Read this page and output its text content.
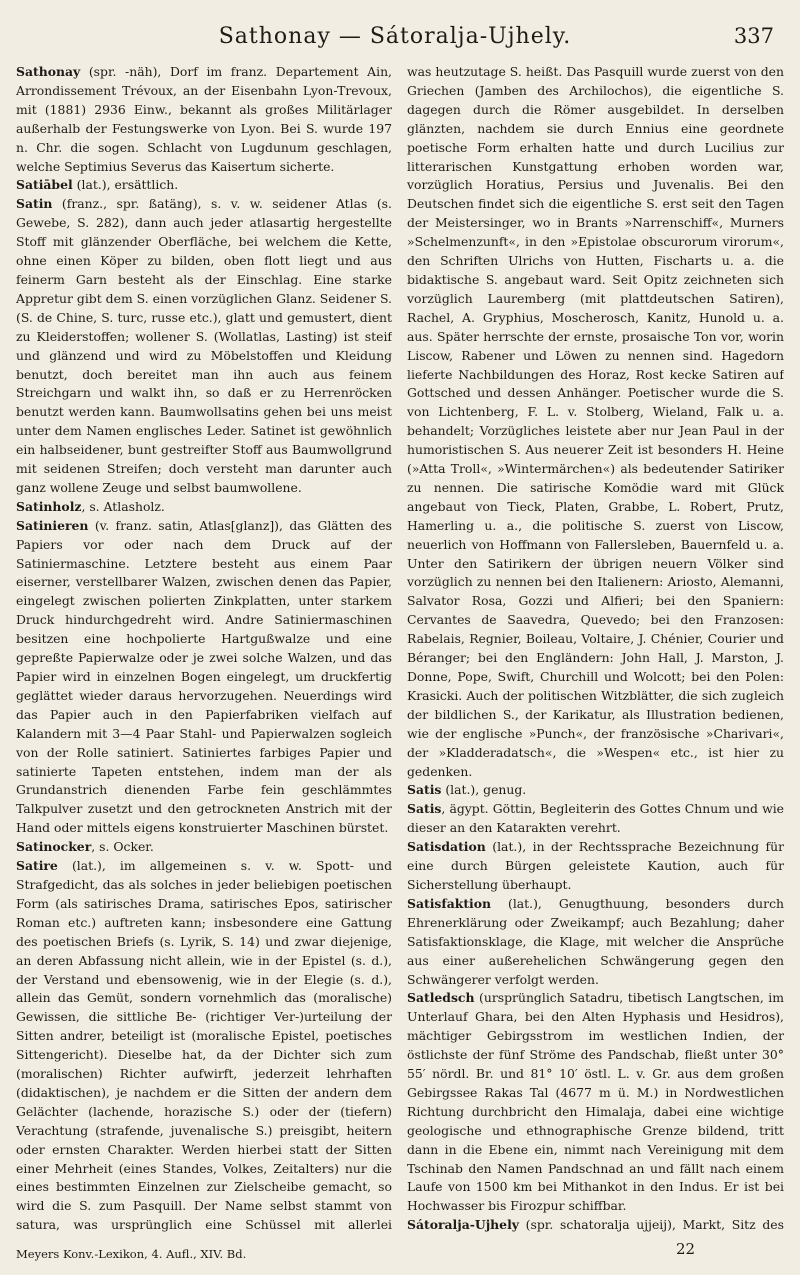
Sathonay — Sátoralja-Ujhely.	337

Sathonay (spr. -näh), Dorf im franz. Departement Ain, Arrondissement Trévoux, an der Eisenbahn Lyon-Trevoux, mit (1881) 2936 Einw., bekannt als großes Militärlager außerhalb der Festungswerke von Lyon. Bei S. wurde 197 n. Chr. die sogen. Schlacht von Lugdunum geschlagen, welche Septimius Severus das Kaisertum sicherte.

Satiābel (lat.), ersättlich.

Satin (franz., spr. ßatäng), s. v. w. seidener Atlas (s. Gewebe, S. 282), dann auch jeder atlasartig hergestellte Stoff mit glänzender Oberfläche, bei welchem die Kette, ohne einen Köper zu bilden, oben flott liegt und aus feinerm Garn besteht als der Einschlag. Eine starke Appretur gibt dem S. einen vorzüglichen Glanz. Seidener S. (S. de Chine, S. turc, russe etc.), glatt und gemustert, dient zu Kleiderstoffen; wollener S. (Wollatlas, Lasting) ist steif und glänzend und wird zu Möbelstoffen und Kleidung benutzt, doch bereitet man ihn auch aus feinem Streichgarn und walkt ihn, so daß er zu Herrenröcken benutzt werden kann. Baumwollsatins gehen bei uns meist unter dem Namen englisches Leder. Satinet ist gewöhnlich ein halbseidener, bunt gestreifter Stoff aus Baumwollgrund mit seidenen Streifen; doch versteht man darunter auch ganz wollene Zeuge und selbst baumwollene.

Satinholz, s. Atlasholz.

Satinieren (v. franz. satin, Atlas[glanz]), das Glätten des Papiers vor oder nach dem Druck auf der Satiniermaschine. Letztere besteht aus einem Paar eiserner, verstellbarer Walzen, zwischen denen das Papier, eingelegt zwischen polierten Zinkplatten, unter starkem Druck hindurchgedreht wird. Andre Satiniermaschinen besitzen eine hochpolierte Hartgußwalze und eine gepreßte Papierwalze oder je zwei solche Walzen, und das Papier wird in einzelnen Bogen eingelegt, um druckfertig geglättet wieder daraus hervorzugehen. Neuerdings wird das Papier auch in den Papierfabriken vielfach auf Kalandern mit 3—4 Paar Stahl- und Papierwalzen sogleich von der Rolle satiniert. Satiniertes farbiges Papier und satinierte Tapeten entstehen, indem man der als Grundanstrich dienenden Farbe fein geschlämmtes Talkpulver zusetzt und den getrockneten Anstrich mit der Hand oder mittels eigens konstruierter Maschinen bürstet.

Satinocker, s. Ocker.

Satire (lat.), im allgemeinen s. v. w. Spott- und Strafgedicht, das als solches in jeder beliebigen poetischen Form (als satirisches Drama, satirisches Epos, satirischer Roman etc.) auftreten kann; insbesondere eine Gattung des poetischen Briefs (s. Lyrik, S. 14) und zwar diejenige, an deren Abfassung nicht allein, wie in der Epistel (s. d.), der Verstand und ebensowenig, wie in der Elegie (s. d.), allein das Gemüt, sondern vornehmlich das (moralische) Gewissen, die sittliche Be- (richtiger Ver-)urteilung der Sitten andrer, beteiligt ist (moralische Epistel, poetisches Sittengericht). Dieselbe hat, da der Dichter sich zum (moralischen) Richter aufwirft, jederzeit lehrhaften (didaktischen), je nachdem er die Sitten der andern dem Gelächter (lachende, horazische S.) oder der (tiefern) Verachtung (strafende, juvenalische S.) preisgibt, heitern oder ernsten Charakter. Werden hierbei statt der Sitten einer Mehrheit (eines Standes, Volkes, Zeitalters) nur die eines bestimmten Einzelnen zur Zielscheibe gemacht, so wird die S. zum Pasquill. Der Name selbst stammt von satura, was ursprünglich eine Schüssel mit allerlei

was heutzutage S. heißt. Das Pasquill wurde zuerst von den Griechen (Jamben des Archilochos), die eigentliche S. dagegen durch die Römer ausgebildet. In derselben glänzten, nachdem sie durch Ennius eine geordnete poetische Form erhalten hatte und durch Lucilius zur litterarischen Kunstgattung erhoben worden war, vorzüglich Horatius, Persius und Juvenalis. Bei den Deutschen findet sich die eigentliche S. erst seit den Tagen der Meistersinger, wo in Brants »Narrenschiff«, Murners »Schelmenzunft«, in den »Epistolae obscurorum virorum«, den Schriften Ulrichs von Hutten, Fischarts u. a. die bidaktische S. angebaut ward. Seit Opitz zeichneten sich vorzüglich Lauremberg (mit plattdeutschen Satiren), Rachel, A. Gryphius, Moscherosch, Kanitz, Hunold u. a. aus. Später herrschte der ernste, prosaische Ton vor, worin Liscow, Rabener und Löwen zu nennen sind. Hagedorn lieferte Nachbildungen des Horaz, Rost kecke Satiren auf Gottsched und dessen Anhänger. Poetischer wurde die S. von Lichtenberg, F. L. v. Stolberg, Wieland, Falk u. a. behandelt; Vorzügliches leistete aber nur Jean Paul in der humoristischen S. Aus neuerer Zeit ist besonders H. Heine (»Atta Troll«, »Wintermärchen«) als bedeutender Satiriker zu nennen. Die satirische Komödie ward mit Glück angebaut von Tieck, Platen, Grabbe, L. Robert, Prutz, Hamerling u. a., die politische S. zuerst von Liscow, neuerlich von Hoffmann von Fallersleben, Bauernfeld u. a. Unter den Satirikern der übrigen neuern Völker sind vorzüglich zu nennen bei den Italienern: Ariosto, Alemanni, Salvator Rosa, Gozzi und Alfieri; bei den Spaniern: Cervantes de Saavedra, Quevedo; bei den Franzosen: Rabelais, Regnier, Boileau, Voltaire, J. Chénier, Courier und Béranger; bei den Engländern: John Hall, J. Marston, J. Donne, Pope, Swift, Churchill und Wolcott; bei den Polen: Krasicki. Auch der politischen Witzblätter, die sich zugleich der bildlichen S., der Karikatur, als Illustration bedienen, wie der englische »Punch«, der französische »Charivari«, der »Kladderadatsch«, die »Wespen« etc., ist hier zu gedenken.

Satis (lat.), genug.

Satis, ägypt. Göttin, Begleiterin des Gottes Chnum und wie dieser an den Katarakten verehrt.

Satisdation (lat.), in der Rechtssprache Bezeichnung für eine durch Bürgen geleistete Kaution, auch für Sicherstellung überhaupt.

Satisfaktion (lat.), Genugthuung, besonders durch Ehrenerklärung oder Zweikampf; auch Bezahlung; daher Satisfaktionsklage, die Klage, mit welcher die Ansprüche aus einer außerehelichen Schwängerung gegen den Schwängerer verfolgt werden.

Satledsch (ursprünglich Satadru, tibetisch Langtschen, im Unterlauf Ghara, bei den Alten Hyphasis und Hesidros), mächtiger Gebirgsstrom im westlichen Indien, der östlichste der fünf Ströme des Pandschab, fließt unter 30° 55′ nördl. Br. und 81° 10′ östl. L. v. Gr. aus dem großen Gebirgssee Rakas Tal (4677 m ü. M.) in Nordwestlichen Richtung durchbricht den Himalaja, dabei eine wichtige geologische und ethnographische Grenze bildend, tritt dann in die Ebene ein, nimmt nach Vereinigung mit dem Tschinab den Namen Pandschnad an und fällt nach einem Laufe von 1500 km bei Mithankot in den Indus. Er ist bei Hochwasser bis Firozpur schiffbar.

Sátoralja-Ujhely (spr. schatoralja ujjeij), Markt, Sitz des

Meyers Konv.-Lexikon, 4. Aufl., XIV. Bd.	22
